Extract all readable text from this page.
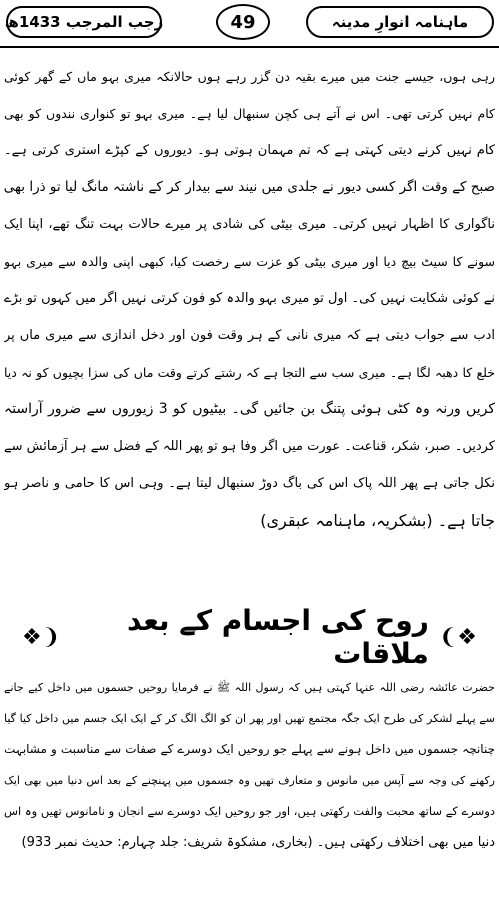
رجب المرجب 1433ھ	49	ماہنامہ انوارِ مدینہ
رہی ہوں، جیسے جنت میں میرے بقیہ دن گزر رہے ہوں حالانکہ میری بہو ماں کے گھر کوئی
کام نہیں کرتی تھی۔ اس نے آتے ہی کچن سنبھال لیا ہے۔ میری بہو تو کنواری نندوں کو بھی
کام نہیں کرنے دیتی کہتی ہے کہ تم مہمان ہوتی ہو۔ دیوروں کے کپڑے استری کرتی ہے۔
صبح کے وقت اگر کسی دیور نے جلدی میں نیند سے بیدار کر کے ناشتہ مانگ لیا تو ذرا بھی
ناگواری کا اظہار نہیں کرتی۔ میری بیٹی کی شادی پر میرے حالات بہت تنگ تھے، اپنا ایک
سونے کا سیٹ بیچ دیا اور میری بیٹی کو عزت سے رخصت کیا، کبھی اپنی والدہ سے میری بہو
نے کوئی شکایت نہیں کی۔ اول تو میری بہو والدہ کو فون کرتی نہیں اگر میں کہوں تو بڑے
ادب سے جواب دیتی ہے کہ میری نانی کے ہر وقت فون اور دخل اندازی سے میری ماں پر
خلع کا دھبہ لگا ہے۔ میری سب سے التجا ہے کہ رشتے کرتے وقت ماں کی سزا بچیوں کو نہ دیا
کریں ورنہ وہ کٹی ہوئی پتنگ بن جائیں گی۔ بیٹیوں کو 3 زیوروں سے ضرور آراستہ
کردیں۔ صبر، شکر، قناعت۔ عورت میں اگر وفا ہو تو پھر اللہ کے فضل سے ہر آزمائش سے
نکل جاتی ہے پھر اللہ پاک اس کی باگ دوڑ سنبھال لیتا ہے۔ وہی اس کا حامی و ناصر ہو
جاتا ہے۔ (بشکریہ، ماہنامہ عبقری)
❖❩
روح کی اجسام کے بعد ملاقات
❨❖
حضرت عائشہ رضی اللہ عنہا کہتی ہیں کہ رسول اللہ ﷺ نے فرمایا روحیں جسموں میں داخل کیے جانے
سے پہلے لشکر کی طرح ایک جگہ مجتمع تھیں اور پھر ان کو الگ الگ کر کے ایک ایک جسم میں داخل کیا گیا
چنانچہ جسموں میں داخل ہونے سے پہلے جو روحیں ایک دوسرے کے صفات سے مناسبت و مشابہت
رکھنے کی وجہ سے آپس میں مانوس و متعارف تھیں وہ جسموں میں پہنچنے کے بعد اس دنیا میں بھی ایک
دوسرے کے ساتھ محبت والفت رکھتی ہیں، اور جو روحیں ایک دوسرے سے انجان و نامانوس تھیں وہ اس
دنیا میں بھی اختلاف رکھتی ہیں۔ (بخاری، مشکوۃ شریف: جلد چہارم: حدیث نمبر 933)
